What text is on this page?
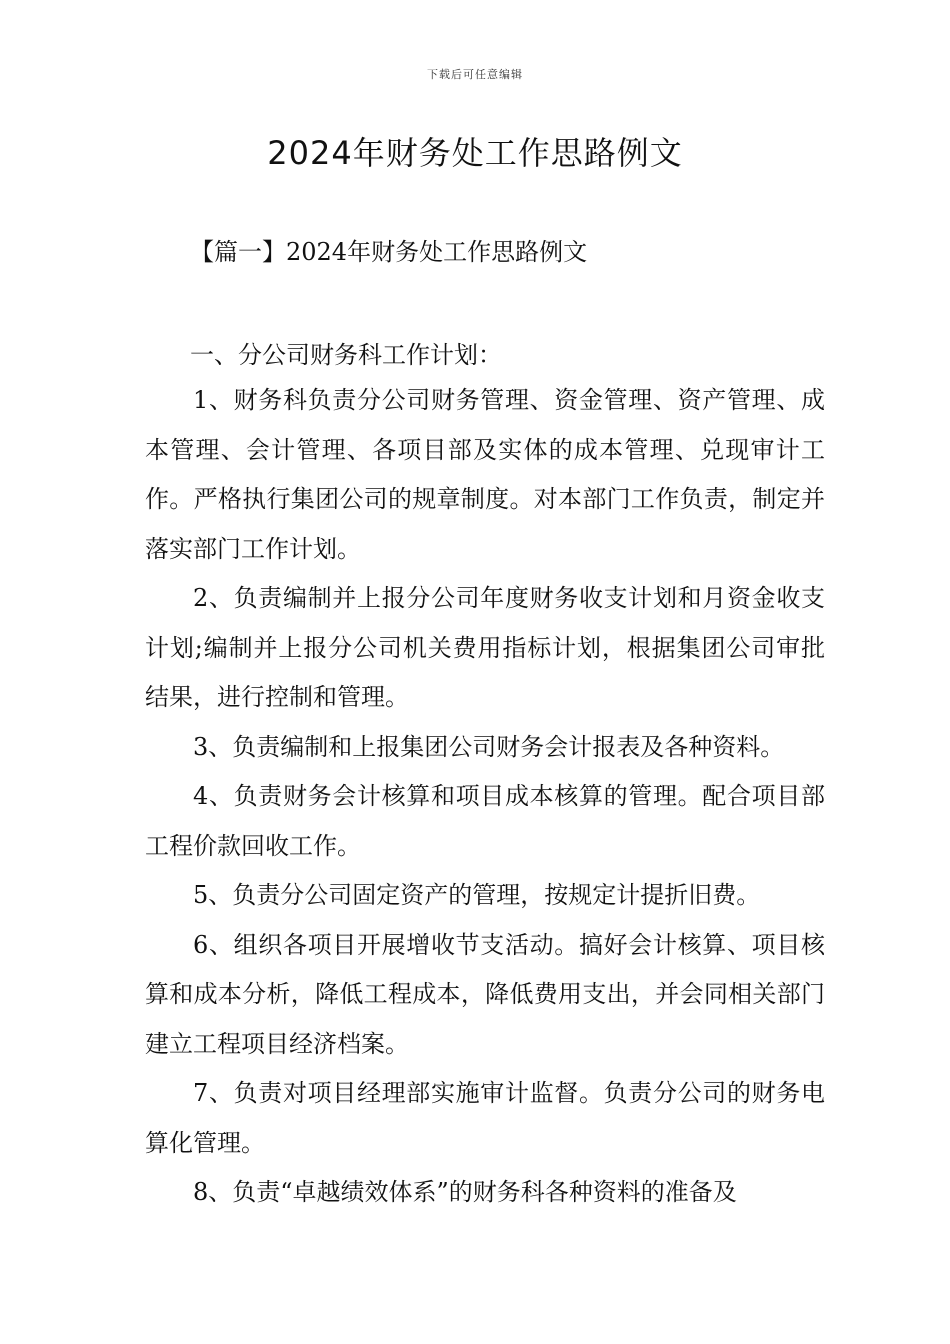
下载后可任意编辑
2024年财务处工作思路例文
【篇一】2024年财务处工作思路例文
一、分公司财务科工作计划：

1、财务科负责分公司财务管理、资金管理、资产管理、成本管理、会计管理、各项目部及实体的成本管理、兑现审计工作。严格执行集团公司的规章制度。对本部门工作负责，制定并落实部门工作计划。

2、负责编制并上报分公司年度财务收支计划和月资金收支计划;编制并上报分公司机关费用指标计划，根据集团公司审批结果，进行控制和管理。

3、负责编制和上报集团公司财务会计报表及各种资料。

4、负责财务会计核算和项目成本核算的管理。配合项目部工程价款回收工作。

5、负责分公司固定资产的管理，按规定计提折旧费。

6、组织各项目开展增收节支活动。搞好会计核算、项目核算和成本分析，降低工程成本，降低费用支出，并会同相关部门建立工程项目经济档案。

7、负责对项目经理部实施审计监督。负责分公司的财务电算化管理。

8、负责“卓越绩效体系”的财务科各种资料的准备及
